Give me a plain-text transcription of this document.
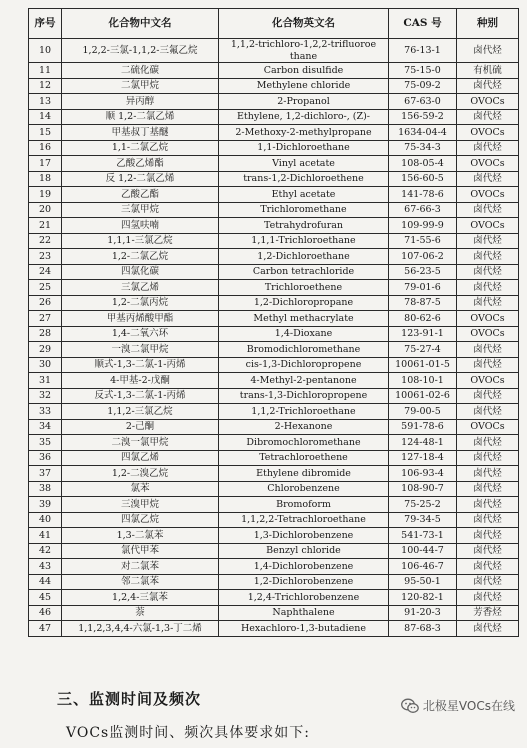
序号	化合物中文名	化合物英文名	CAS 号	种别
10	1,2,2-三氯-1,1,2-三氟乙烷	1,1,2-trichloro-1,2,2-trifluoroe thane	76-13-1	卤代烃
11	二硫化碳	Carbon disulfide	75-15-0	有机硫
12	二氯甲烷	Methylene chloride	75-09-2	卤代烃
13	异丙醇	2-Propanol	67-63-0	OVOCs
14	顺 1,2-二氯乙烯	Ethylene, 1,2-dichloro-, (Z)-	156-59-2	卤代烃
15	甲基叔丁基醚	2-Methoxy-2-methylpropane	1634-04-4	OVOCs
16	1,1-二氯乙烷	1,1-Dichloroethane	75-34-3	卤代烃
17	乙酸乙烯酯	Vinyl acetate	108-05-4	OVOCs
18	反 1,2-二氯乙烯	trans-1,2-Dichloroethene	156-60-5	卤代烃
19	乙酸乙酯	Ethyl acetate	141-78-6	OVOCs
20	三氯甲烷	Trichloromethane	67-66-3	卤代烃
21	四氢呋喃	Tetrahydrofuran	109-99-9	OVOCs
22	1,1,1-三氯乙烷	1,1,1-Trichloroethane	71-55-6	卤代烃
23	1,2-二氯乙烷	1,2-Dichloroethane	107-06-2	卤代烃
24	四氯化碳	Carbon tetrachloride	56-23-5	卤代烃
25	三氯乙烯	Trichloroethene	79-01-6	卤代烃
26	1,2-二氯丙烷	1,2-Dichloropropane	78-87-5	卤代烃
27	甲基丙烯酸甲酯	Methyl methacrylate	80-62-6	OVOCs
28	1,4-二氧六环	1,4-Dioxane	123-91-1	OVOCs
29	一溴二氯甲烷	Bromodichloromethane	75-27-4	卤代烃
30	顺式-1,3-二氯-1-丙烯	cis-1,3-Dichloropropene	10061-01-5	卤代烃
31	4-甲基-2-戊酮	4-Methyl-2-pentanone	108-10-1	OVOCs
32	反式-1,3-二氯-1-丙烯	trans-1,3-Dichloropropene	10061-02-6	卤代烃
33	1,1,2-三氯乙烷	1,1,2-Trichloroethane	79-00-5	卤代烃
34	2-己酮	2-Hexanone	591-78-6	OVOCs
35	二溴一氯甲烷	Dibromochloromethane	124-48-1	卤代烃
36	四氯乙烯	Tetrachloroethene	127-18-4	卤代烃
37	1,2-二溴乙烷	Ethylene dibromide	106-93-4	卤代烃
38	氯苯	Chlorobenzene	108-90-7	卤代烃
39	三溴甲烷	Bromoform	75-25-2	卤代烃
40	四氯乙烷	1,1,2,2-Tetrachloroethane	79-34-5	卤代烃
41	1,3-二氯苯	1,3-Dichlorobenzene	541-73-1	卤代烃
42	氯代甲苯	Benzyl chloride	100-44-7	卤代烃
43	对二氯苯	1,4-Dichlorobenzene	106-46-7	卤代烃
44	邻二氯苯	1,2-Dichlorobenzene	95-50-1	卤代烃
45	1,2,4-三氯苯	1,2,4-Trichlorobenzene	120-82-1	卤代烃
46	萘	Naphthalene	91-20-3	芳香烃
47	1,1,2,3,4,4-六氯-1,3-丁二烯	Hexachloro-1,3-butadiene	87-68-3	卤代烃
三、监测时间及频次
VOCs监测时间、频次具体要求如下:
北极星VOCs在线
